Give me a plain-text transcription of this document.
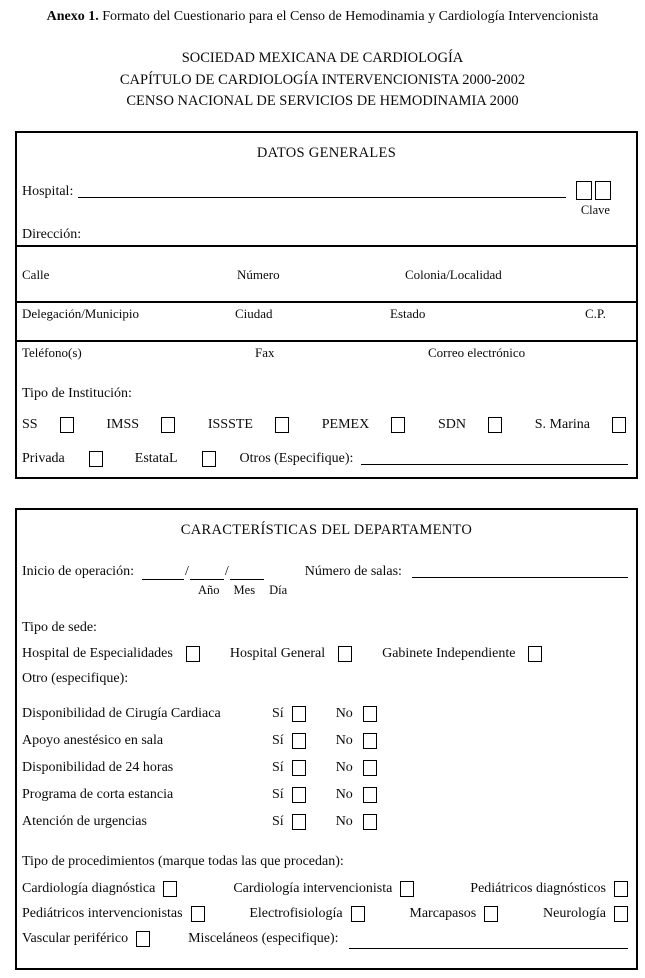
Anexo 1. Formato del Cuestionario para el Censo de Hemodinamia y Cardiología Intervencionista
SOCIEDAD MEXICANA DE CARDIOLOGÍA
CAPÍTULO DE CARDIOLOGÍA INTERVENCIONISTA 2000-2002
CENSO NACIONAL DE SERVICIOS DE HEMODINAMIA 2000
DATOS GENERALES
Hospital:
Clave
Dirección:
Calle	Número	Colonia/Localidad
Delegación/Municipio	Ciudad	Estado	C.P.
Teléfono(s)	Fax	Correo electrónico
Tipo de Institución:
SS	IMSS	ISSSTE	PEMEX	SDN	S. Marina
Privada	EstataL	Otros (Especifique):
CARACTERÍSTICAS DEL DEPARTAMENTO
Inicio de operación:	/	/	Número de salas:
Año Mes Día
Tipo de sede:
Hospital de Especialidades	Hospital General	Gabinete Independiente
Otro (especifique):
Disponibilidad de Cirugía Cardiaca	Sí	No
Apoyo anestésico en sala	Sí	No
Disponibilidad de 24 horas	Sí	No
Programa de corta estancia	Sí	No
Atención de urgencias	Sí	No
Tipo de procedimientos (marque todas las que procedan):
Cardiología diagnóstica	Cardiología intervencionista	Pediátricos diagnósticos
Pediátricos intervencionistas	Electrofisiología	Marcapasos	Neurología
Vascular periférico	Misceláneos (especifique):
